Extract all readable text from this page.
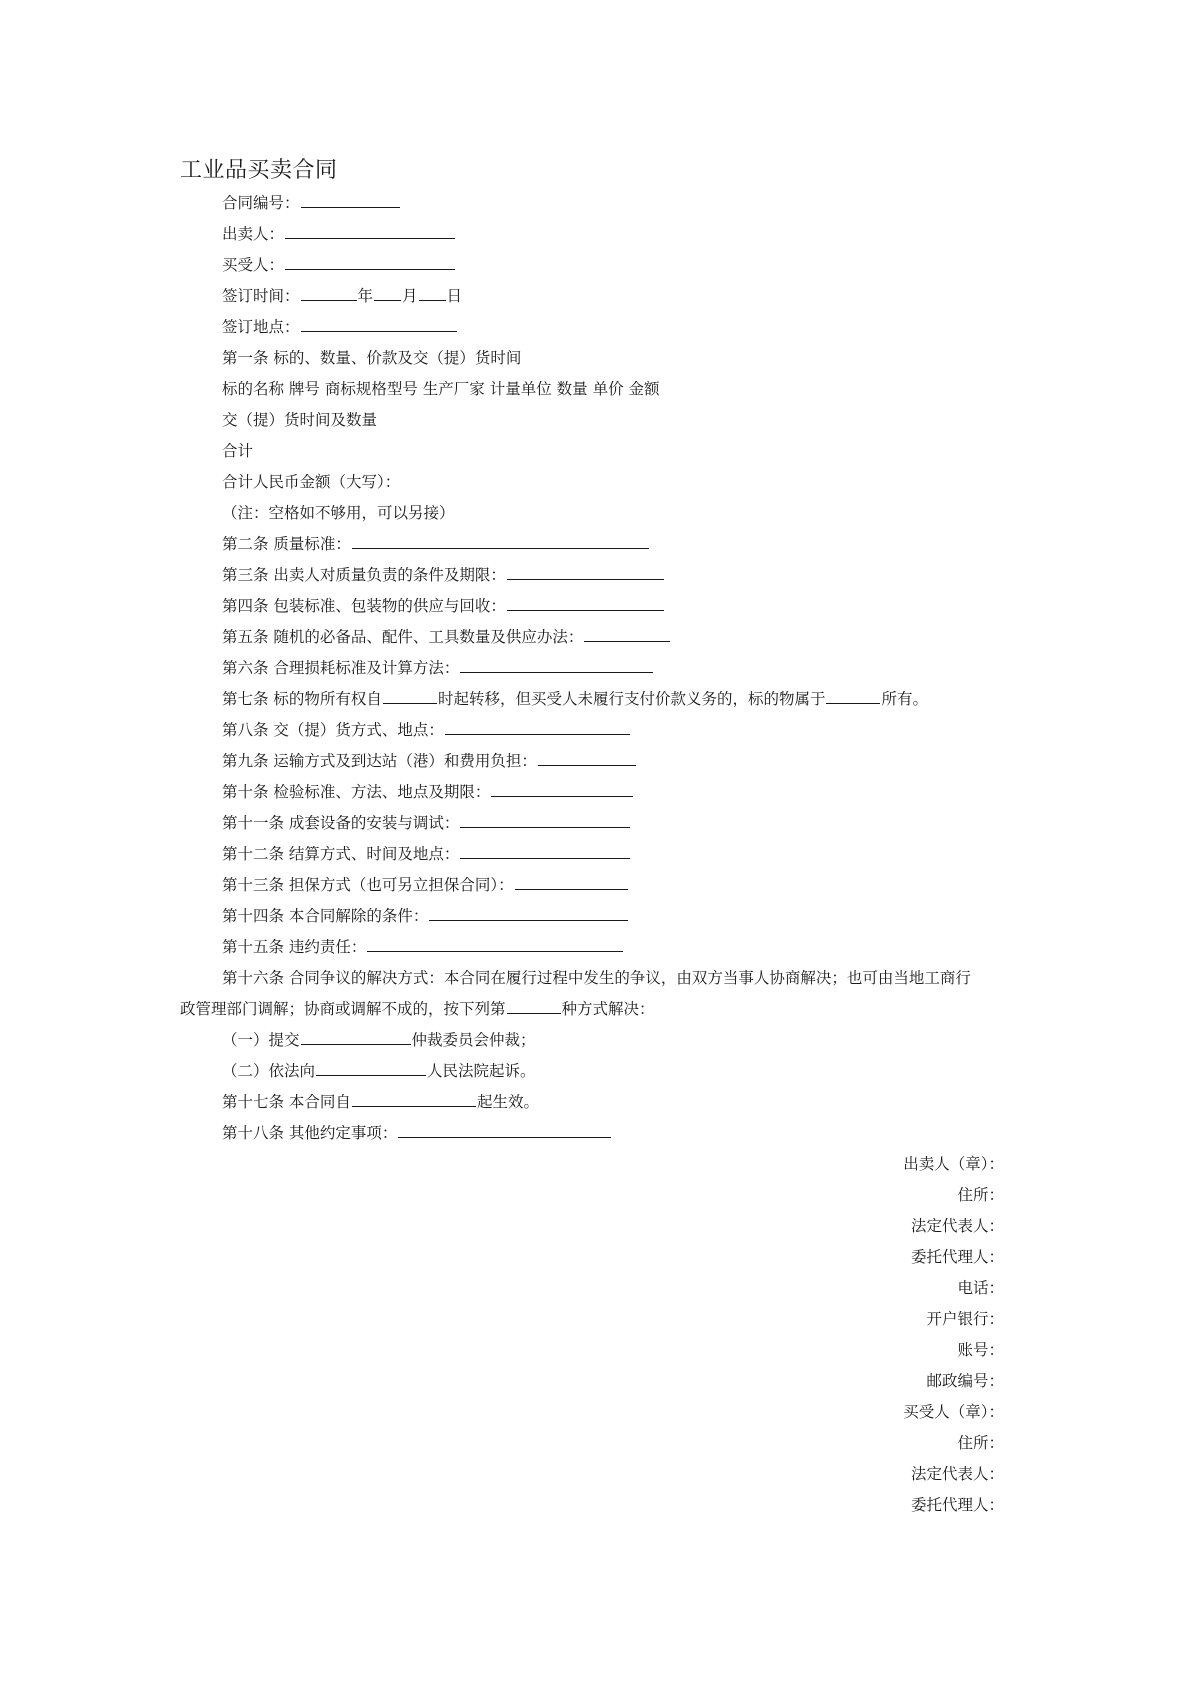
工业品买卖合同
合同编号：
出卖人：
买受人：
签订时间：	年 月 日
签订地点：
第一条 标的、数量、价款及交（提）货时间
标的名称 牌号 商标规格型号 生产厂家 计量单位 数量 单价 金额
交（提）货时间及数量
合计
合计人民币金额（大写）：
（注：空格如不够用，可以另接）
第二条 质量标准：
第三条 出卖人对质量负责的条件及期限：
第四条 包装标准、包装物的供应与回收：
第五条 随机的必备品、配件、工具数量及供应办法：
第六条 合理损耗标准及计算方法：
第七条 标的物所有权自	时起转移，但买受人未履行支付价款义务的，标的物属于	所有。
第八条 交（提）货方式、地点：
第九条 运输方式及到达站（港）和费用负担：
第十条 检验标准、方法、地点及期限：
第十一条 成套设备的安装与调试：
第十二条 结算方式、时间及地点：
第十三条 担保方式（也可另立担保合同）：
第十四条 本合同解除的条件：
第十五条 违约责任：
第十六条 合同争议的解决方式：本合同在履行过程中发生的争议，由双方当事人协商解决；也可由当地工商行
政管理部门调解；协商或调解不成的，按下列第	种方式解决：
（一）提交	仲裁委员会仲裁；
（二）依法向	人民法院起诉。
第十七条 本合同自	起生效。
第十八条 其他约定事项：
出卖人（章）：
住所：
法定代表人：
委托代理人：
电话：
开户银行：
账号：
邮政编号：
买受人（章）：
住所：
法定代表人：
委托代理人：
